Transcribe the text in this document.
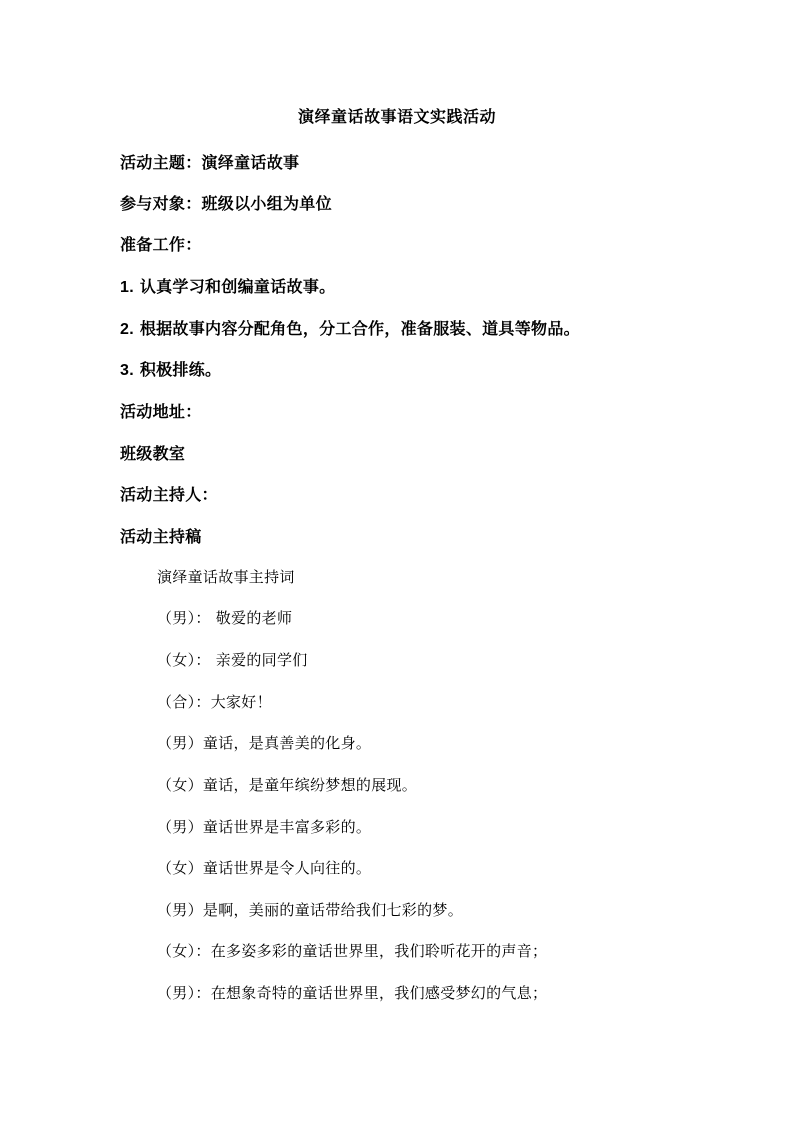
演绎童话故事语文实践活动
活动主题：演绎童话故事
参与对象：班级以小组为单位
准备工作：
1. 认真学习和创编童话故事。
2. 根据故事内容分配角色，分工合作，准备服装、道具等物品。
3. 积极排练。
活动地址：
班级教室
活动主持人：
活动主持稿
演绎童话故事主持词
（男）： 敬爱的老师
（女）： 亲爱的同学们
（合）：大家好！
（男）童话，是真善美的化身。
（女）童话，是童年缤纷梦想的展现。
（男）童话世界是丰富多彩的。
（女）童话世界是令人向往的。
（男）是啊，美丽的童话带给我们七彩的梦。
（女）：在多姿多彩的童话世界里，我们聆听花开的声音；
（男）：在想象奇特的童话世界里，我们感受梦幻的气息；
